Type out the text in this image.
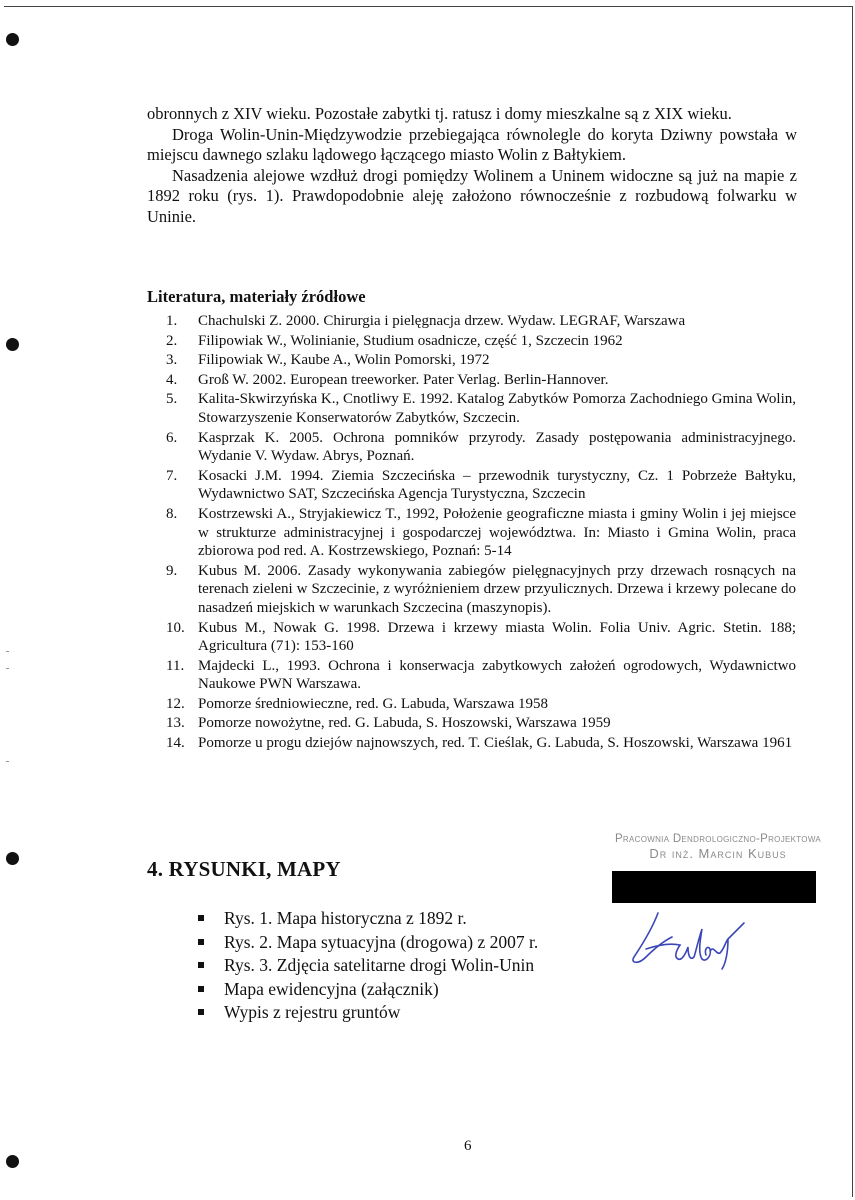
obronnych z XIV wieku. Pozostałe zabytki tj. ratusz i domy mieszkalne są z XIX wieku.

Droga Wolin-Unin-Międzywodzie przebiegająca równolegle do koryta Dziwny powstała w miejscu dawnego szlaku lądowego łączącego miasto Wolin z Bałtykiem.

Nasadzenia alejowe wzdłuż drogi pomiędzy Wolinem a Uninem widoczne są już na mapie z 1892 roku (rys. 1). Prawdopodobnie aleję założono równocześnie z rozbudową folwarku w Uninie.

Literatura, materiały źródłowe
1.	Chachulski Z. 2000. Chirurgia i pielęgnacja drzew. Wydaw. LEGRAF, Warszawa
2.	Filipowiak W., Wolinianie, Studium osadnicze, część 1, Szczecin 1962
3.	Filipowiak W., Kaube A., Wolin Pomorski, 1972
4.	Groß W. 2002. European treeworker. Pater Verlag. Berlin-Hannover.
5.	Kalita-Skwirzyńska K., Cnotliwy E. 1992. Katalog Zabytków Pomorza Zachodniego Gmina Wolin, Stowarzyszenie Konserwatorów Zabytków, Szczecin.
6.	Kasprzak K. 2005. Ochrona pomników przyrody. Zasady postępowania administracyjnego. Wydanie V. Wydaw. Abrys, Poznań.
7.	Kosacki J.M. 1994. Ziemia Szczecińska – przewodnik turystyczny, Cz. 1 Pobrzeże Bałtyku, Wydawnictwo SAT, Szczecińska Agencja Turystyczna, Szczecin
8.	Kostrzewski A., Stryjakiewicz T., 1992, Położenie geograficzne miasta i gminy Wolin i jej miejsce w strukturze administracyjnej i gospodarczej województwa. In: Miasto i Gmina Wolin, praca zbiorowa pod red. A. Kostrzewskiego, Poznań: 5-14
9.	Kubus M. 2006. Zasady wykonywania zabiegów pielęgnacyjnych przy drzewach rosnących na terenach zieleni w Szczecinie, z wyróżnieniem drzew przyulicznych. Drzewa i krzewy polecane do nasadzeń miejskich w warunkach Szczecina (maszynopis).
10. Kubus M., Nowak G. 1998. Drzewa i krzewy miasta Wolin. Folia Univ. Agric. Stetin. 188; Agricultura (71): 153-160
11. Majdecki L., 1993. Ochrona i konserwacja zabytkowych założeń ogrodowych, Wydawnictwo Naukowe PWN Warszawa.
12. Pomorze średniowieczne, red. G. Labuda, Warszawa 1958
13. Pomorze nowożytne, red. G. Labuda, S. Hoszowski, Warszawa 1959
14. Pomorze u progu dziejów najnowszych, red. T. Cieślak, G. Labuda, S. Hoszowski, Warszawa 1961
4. RYSUNKI, MAPY
Rys. 1. Mapa historyczna z 1892 r.
Rys. 2. Mapa sytuacyjna (drogowa) z 2007 r.
Rys. 3. Zdjęcia satelitarne drogi Wolin-Unin
Mapa ewidencyjna (załącznik)
Wypis z rejestru gruntów
Pracownia Dendrologiczno-Projektowa
Dr inż. Marcin Kubus
6
